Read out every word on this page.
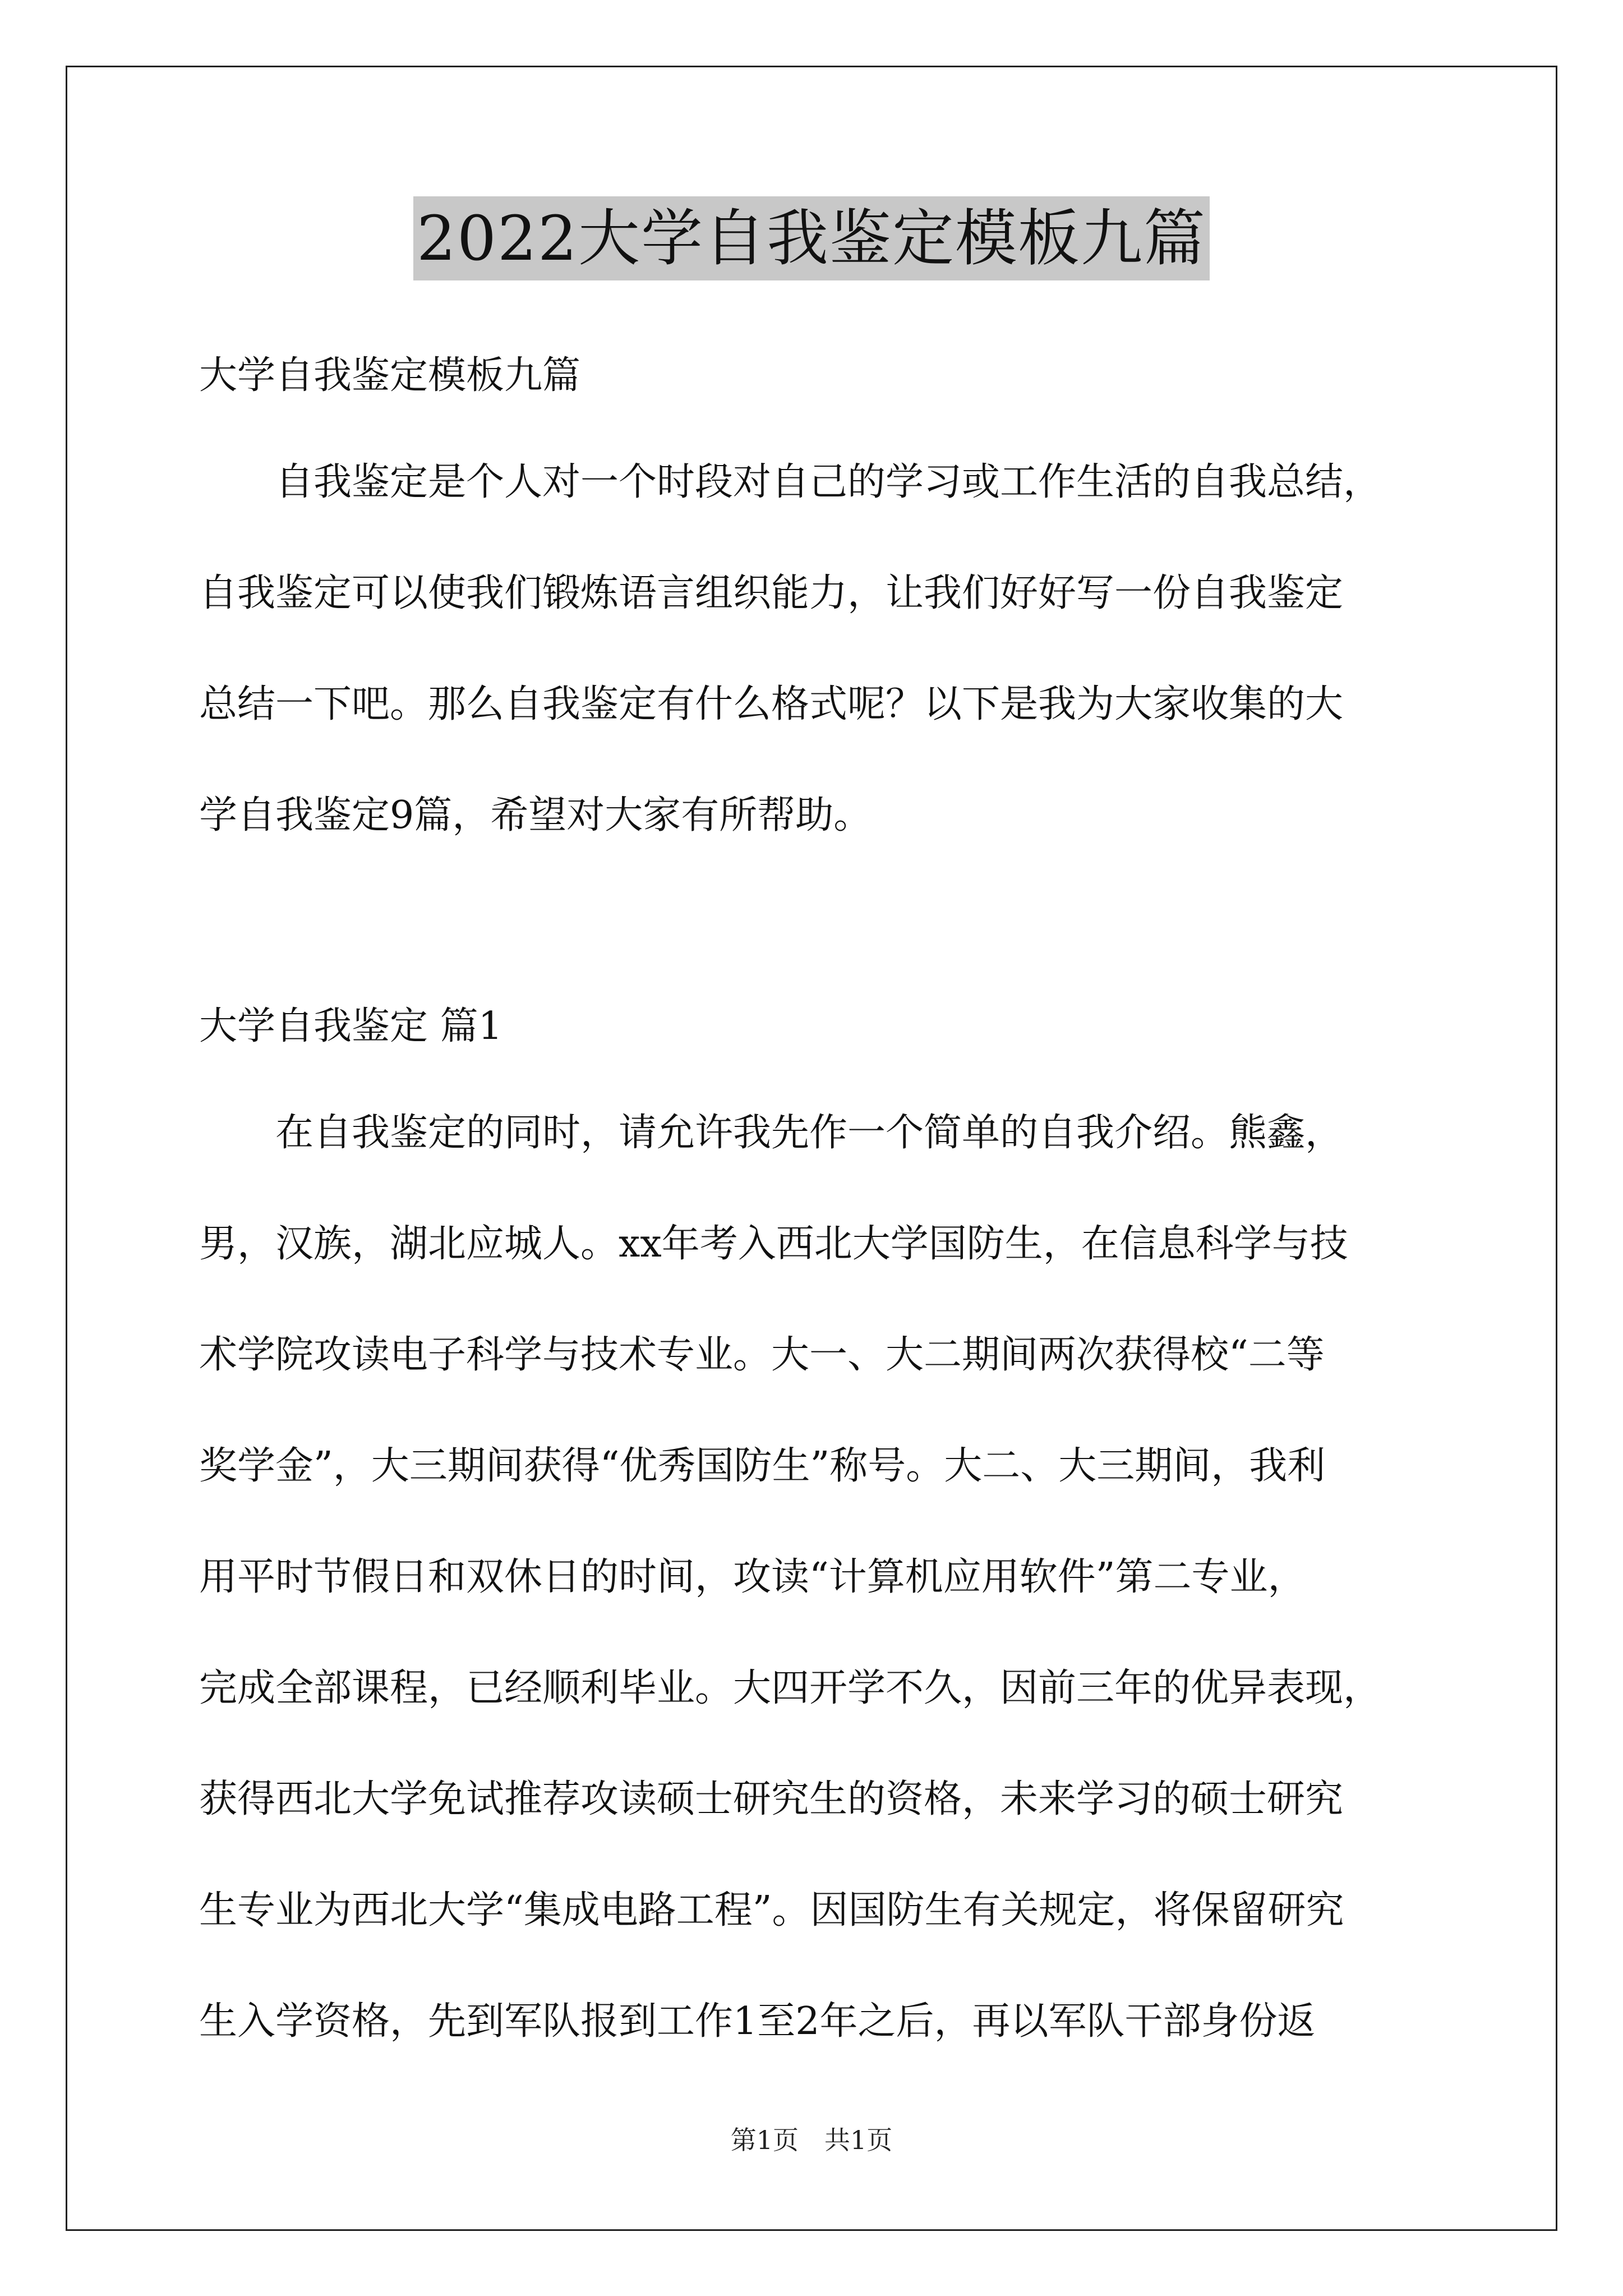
2022大学自我鉴定模板九篇
大学自我鉴定模板九篇
　　自我鉴定是个人对一个时段对自己的学习或工作生活的自我总结，
自我鉴定可以使我们锻炼语言组织能力，让我们好好写一份自我鉴定
总结一下吧。那么自我鉴定有什么格式呢？以下是我为大家收集的大
学自我鉴定9篇，希望对大家有所帮助。
大学自我鉴定 篇1
　　在自我鉴定的同时，请允许我先作一个简单的自我介绍。熊鑫，
男，汉族，湖北应城人。xx年考入西北大学国防生，在信息科学与技
术学院攻读电子科学与技术专业。大一、大二期间两次获得校“二等
奖学金”，大三期间获得“优秀国防生”称号。大二、大三期间，我利
用平时节假日和双休日的时间，攻读“计算机应用软件”第二专业，
完成全部课程，已经顺利毕业。大四开学不久，因前三年的优异表现，
获得西北大学免试推荐攻读硕士研究生的资格，未来学习的硕士研究
生专业为西北大学“集成电路工程”。因国防生有关规定，将保留研究
生入学资格，先到军队报到工作1至2年之后，再以军队干部身份返
第1页　共1页
